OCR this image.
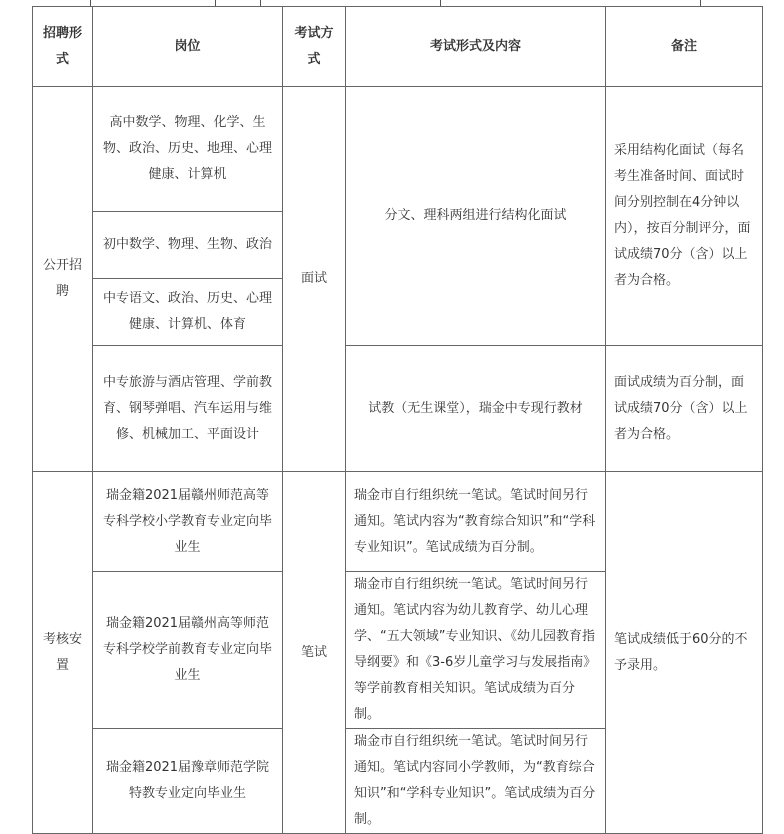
招聘形式	岗位	考试方式	考试形式及内容	备注
公开招聘	高中数学、物理、化学、生物、政治、历史、地理、心理健康、计算机	面试	分文、理科两组进行结构化面试	采用结构化面试（每名考生准备时间、面试时间分别控制在4分钟以内），按百分制评分，面试成绩70分（含）以上者为合格。
	初中数学、物理、生物、政治			
	中专语文、政治、历史、心理健康、计算机、体育			
	中专旅游与酒店管理、学前教育、钢琴弹唱、汽车运用与维修、机械加工、平面设计		试教（无生课堂），瑞金中专现行教材	面试成绩为百分制，面试成绩70分（含）以上者为合格。
考核安置	瑞金籍2021届赣州师范高等专科学校小学教育专业定向毕业生	笔试	瑞金市自行组织统一笔试。笔试时间另行通知。笔试内容为“教育综合知识”和“学科专业知识”。笔试成绩为百分制。	笔试成绩低于60分的不予录用。
	瑞金籍2021届赣州高等师范专科学校学前教育专业定向毕业生		瑞金市自行组织统一笔试。笔试时间另行通知。笔试内容为幼儿教育学、幼儿心理学、“五大领域”专业知识、《幼儿园教育指导纲要》和《3-6岁儿童学习与发展指南》等学前教育相关知识。笔试成绩为百分制。	
	瑞金籍2021届豫章师范学院特教专业定向毕业生		瑞金市自行组织统一笔试。笔试时间另行通知。笔试内容同小学教师，为“教育综合知识”和“学科专业知识”。笔试成绩为百分制。	
